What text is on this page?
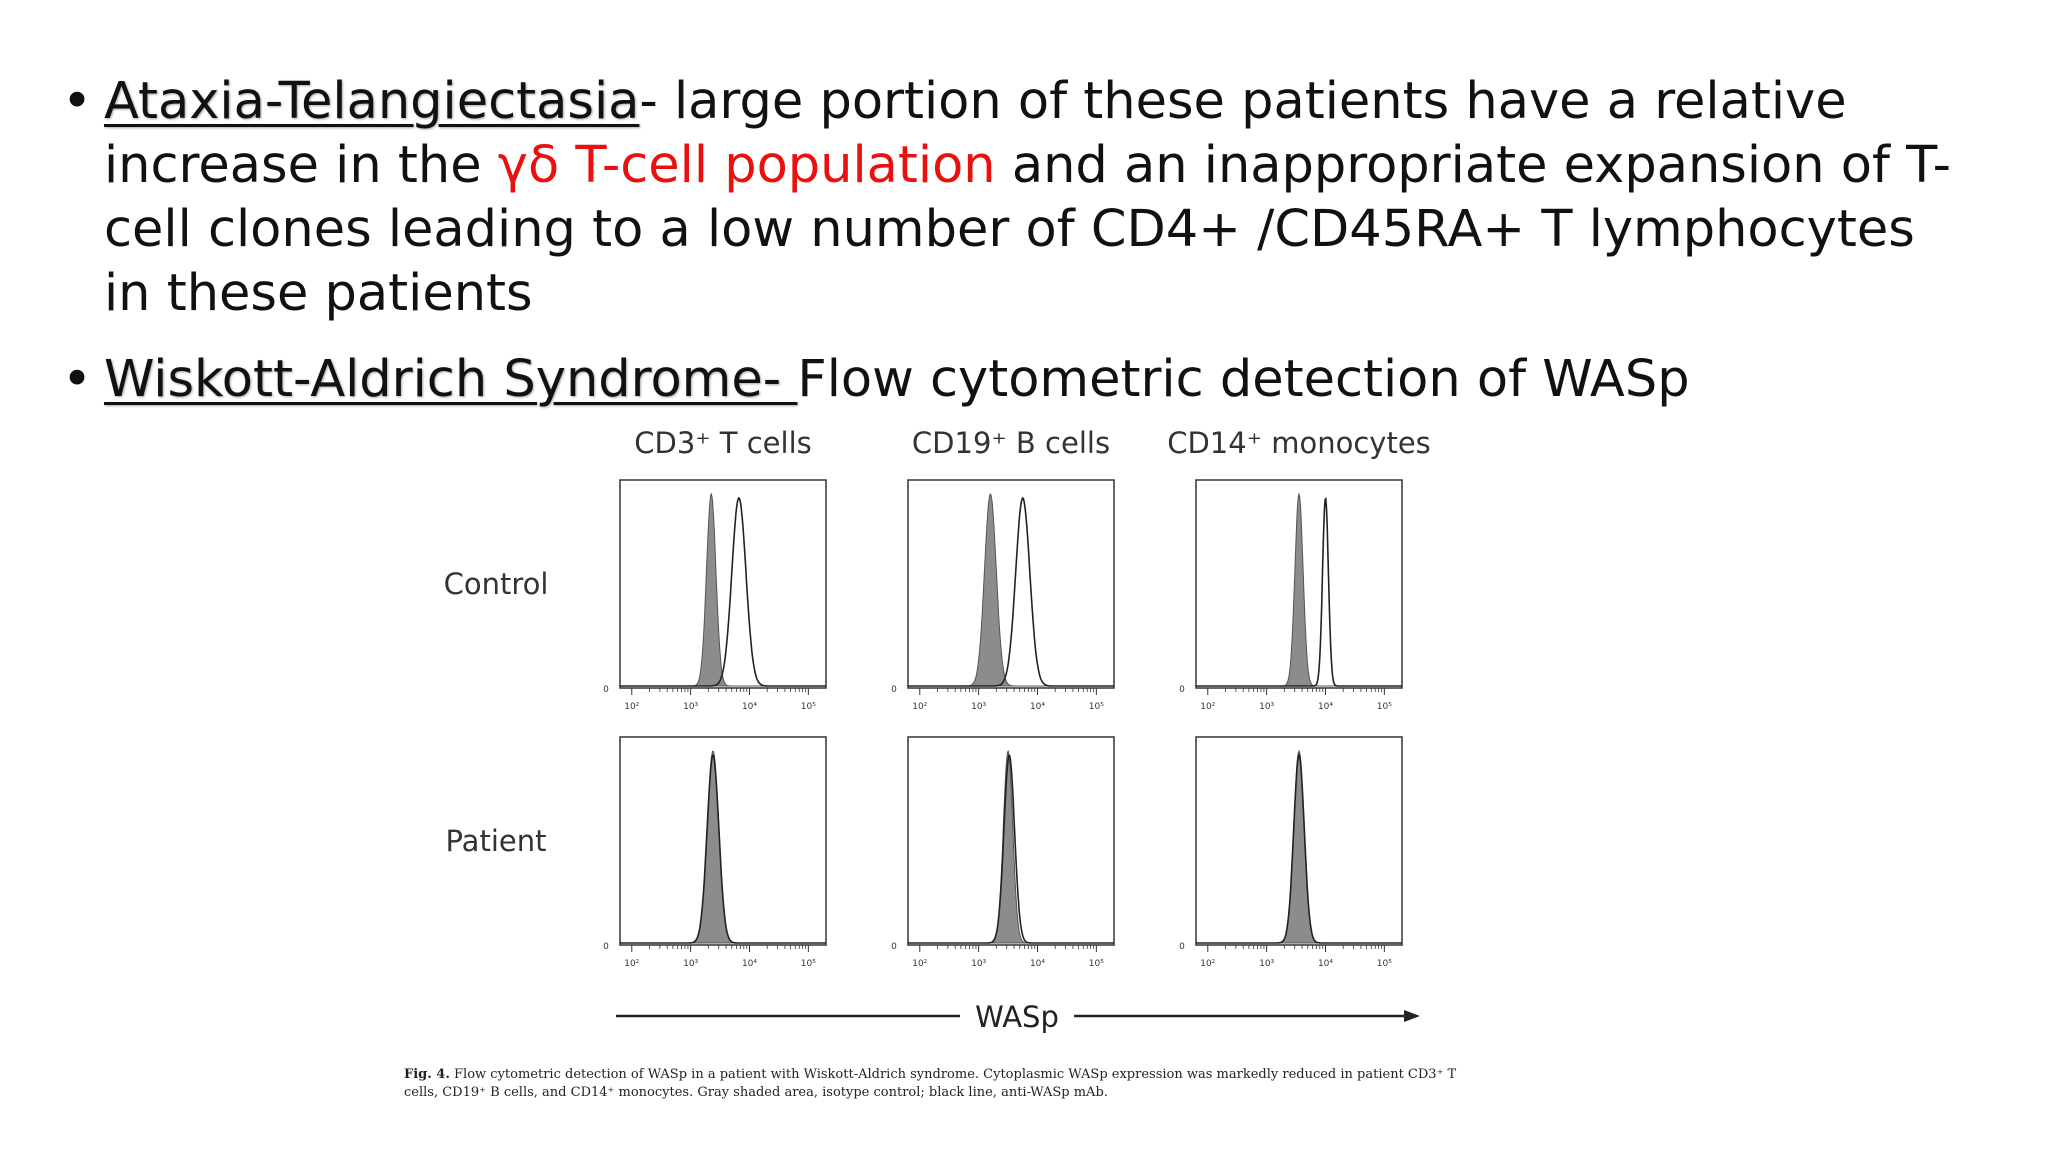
• Ataxia-Telangiectasia- large portion of these patients have a relative increase in the γδ T-cell population and an inappropriate expansion of T-cell clones leading to a low number of CD4+ /CD45RA+ T lymphocytes in these patients
• Wiskott-Aldrich Syndrome- Flow cytometric detection of WASp
CD3⁺ T cells	CD19⁺ B cells CD14⁺ monocytes
Control
Patient
0
10²	10³	10⁴	10⁵
0
10²	10³	10⁴	10⁵
0
10²	10³	10⁴	10⁵
0
10²	10³	10⁴	10⁵
0
10²	10³	10⁴	10⁵
0
10²	10³	10⁴	10⁵
WASp
Fig. 4. Flow cytometric detection of WASp in a patient with Wiskott-Aldrich syndrome. Cytoplasmic WASp expression was markedly reduced in patient CD3⁺ T cells, CD19⁺ B cells, and CD14⁺ monocytes. Gray shaded area, isotype control; black line, anti-WASp mAb.
